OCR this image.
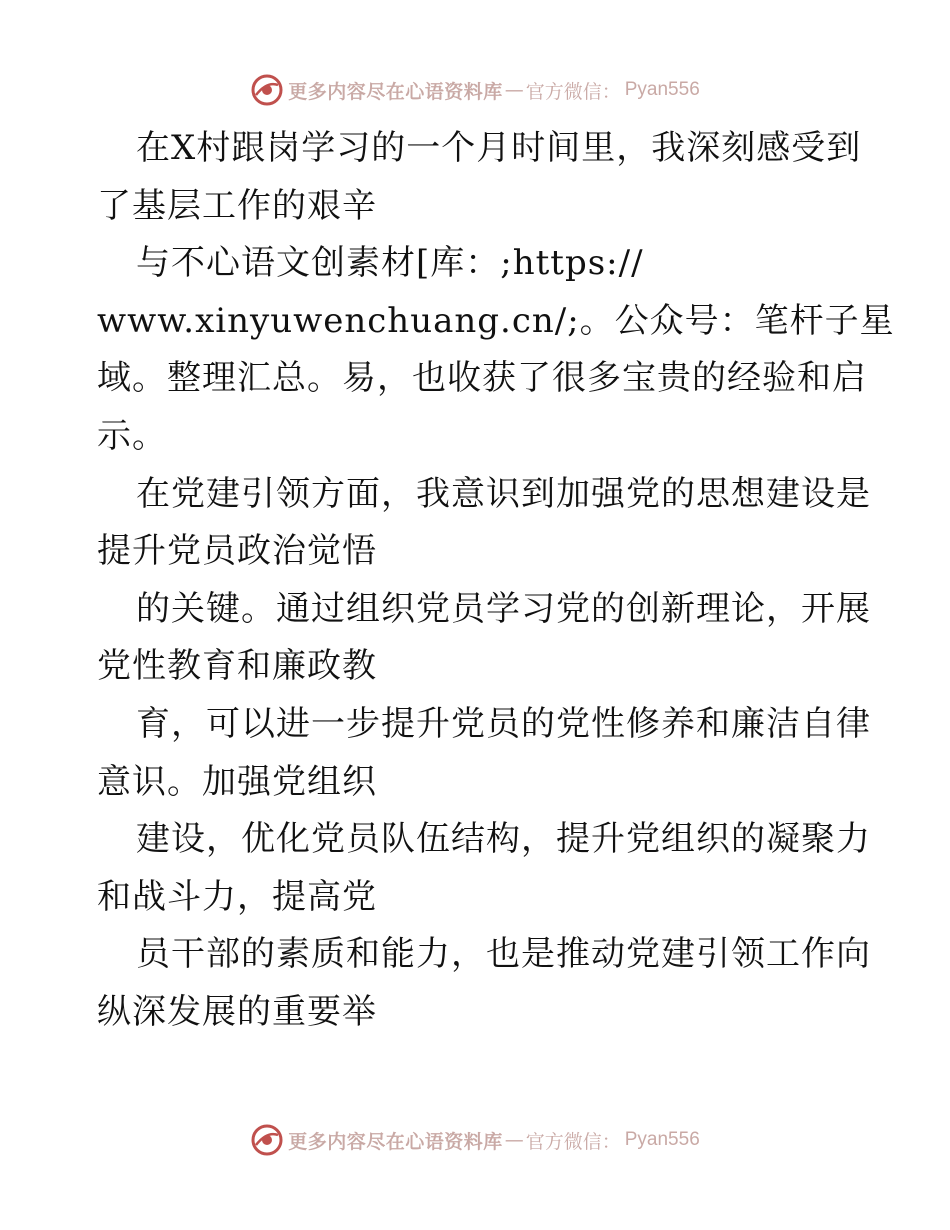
更多内容尽在心语资料库 — 官方微信： Pyan556
在X村跟岗学习的一个月时间里，我深刻感受到
了基层工作的艰辛
与不心语文创素材[库：;https://
www.xinyuwenchuang.cn/;。公众号：笔杆子星
域。整理汇总。易，也收获了很多宝贵的经验和启
示。
在党建引领方面，我意识到加强党的思想建设是
提升党员政治觉悟
的关键。通过组织党员学习党的创新理论，开展
党性教育和廉政教
育，可以进一步提升党员的党性修养和廉洁自律
意识。加强党组织
建设，优化党员队伍结构，提升党组织的凝聚力
和战斗力，提高党
员干部的素质和能力，也是推动党建引领工作向
纵深发展的重要举
更多内容尽在心语资料库 — 官方微信： Pyan556
